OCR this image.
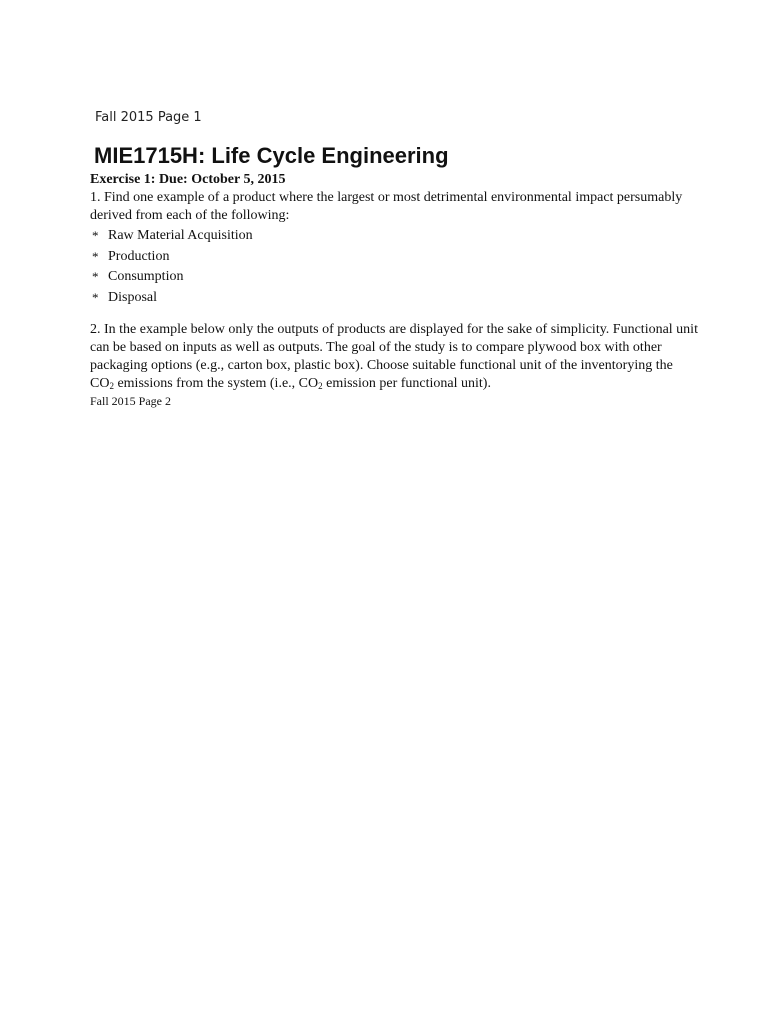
Fall 2015 Page 1
MIE1715H: Life Cycle Engineering

Exercise 1: Due: October 5, 2015

1. Find one example of a product where the largest or most detrimental environmental impact persumably derived from each of the following:

* Raw Material Acquisition
* Production
* Consumption
* Disposal

2. In the example below only the outputs of products are displayed for the sake of simplicity. Functional unit can be based on inputs as well as outputs. The goal of the study is to compare plywood box with other packaging options (e.g., carton box, plastic box). Choose suitable functional unit of the inventorying the $CO_2$ emissions from the system (i.e., $CO_2$ emission per functional unit).

Fall 2015 Page 2
